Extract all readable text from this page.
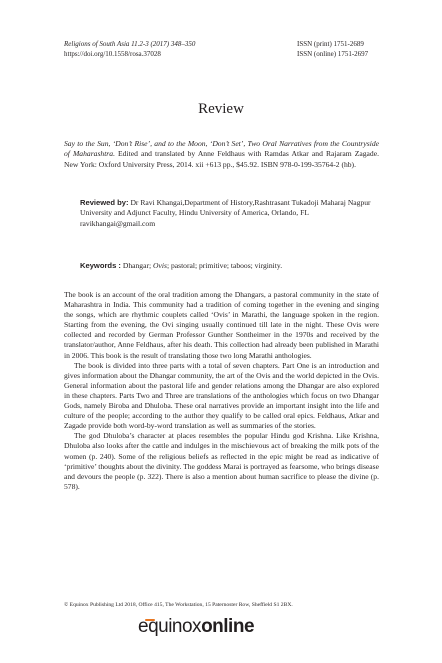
Religions of South Asia 11.2-3 (2017) 348–350
https://doi.org/10.1558/rosa.37028
ISSN (print) 1751-2689
ISSN (online) 1751-2697
Review
Say to the Sun, ‘Don’t Rise’, and to the Moon, ‘Don’t Set’, Two Oral Narratives from the Countryside of Maharashtra. Edited and translated by Anne Feldhaus with Ramdas Atkar and Rajaram Zagade. New York: Oxford University Press, 2014. xii +613 pp., $45.92. ISBN 978-0-199-35764-2 (hb).
Reviewed by: Dr Ravi Khangai,Department of History,Rashtrasant Tukadoji Maharaj Nagpur University and Adjunct Faculty, Hindu University of America, Orlando, FL
ravikhangai@gmail.com
Keywords : Dhangar; Ovis; pastoral; primitive; taboos; virginity.

The book is an account of the oral tradition among the Dhangars, a pastoral community in the state of Maharashtra in India. This community had a tradition of coming together in the evening and singing the songs, which are rhythmic couplets called ‘Ovis’ in Marathi, the language spoken in the region. Starting from the evening, the Ovi singing usually continued till late in the night. These Ovis were collected and recorded by German Professor Gunther Sontheimer in the 1970s and received by the translator/author, Anne Feldhaus, after his death. This collection had already been published in Marathi in 2006. This book is the result of translating those two long Marathi anthologies.

The book is divided into three parts with a total of seven chapters. Part One is an introduction and gives information about the Dhangar community, the art of the Ovis and the world depicted in the Ovis. General information about the pastoral life and gender relations among the Dhangar are also explored in these chapters. Parts Two and Three are translations of the anthologies which focus on two Dhangar Gods, namely Biroba and Dhuloba. These oral narratives provide an important insight into the life and culture of the people; according to the author they qualify to be called oral epics. Feldhaus, Atkar and Zagade provide both word-by-word translation as well as summaries of the stories.

The god Dhuloba’s character at places resembles the popular Hindu god Krishna. Like Krishna, Dhuloba also looks after the cattle and indulges in the mischievous act of breaking the milk pots of the women (p. 240). Some of the religious beliefs as reflected in the epic might be read as indicative of ‘primitive’ thoughts about the divinity. The goddess Marai is portrayed as fearsome, who brings disease and devours the people (p. 322). There is also a mention about human sacrifice to please the divine (p. 578).

© Equinox Publishing Ltd 2018, Office 415, The Workstation, 15 Paternoster Row, Sheffield S1 2BX.
equinoxonline
